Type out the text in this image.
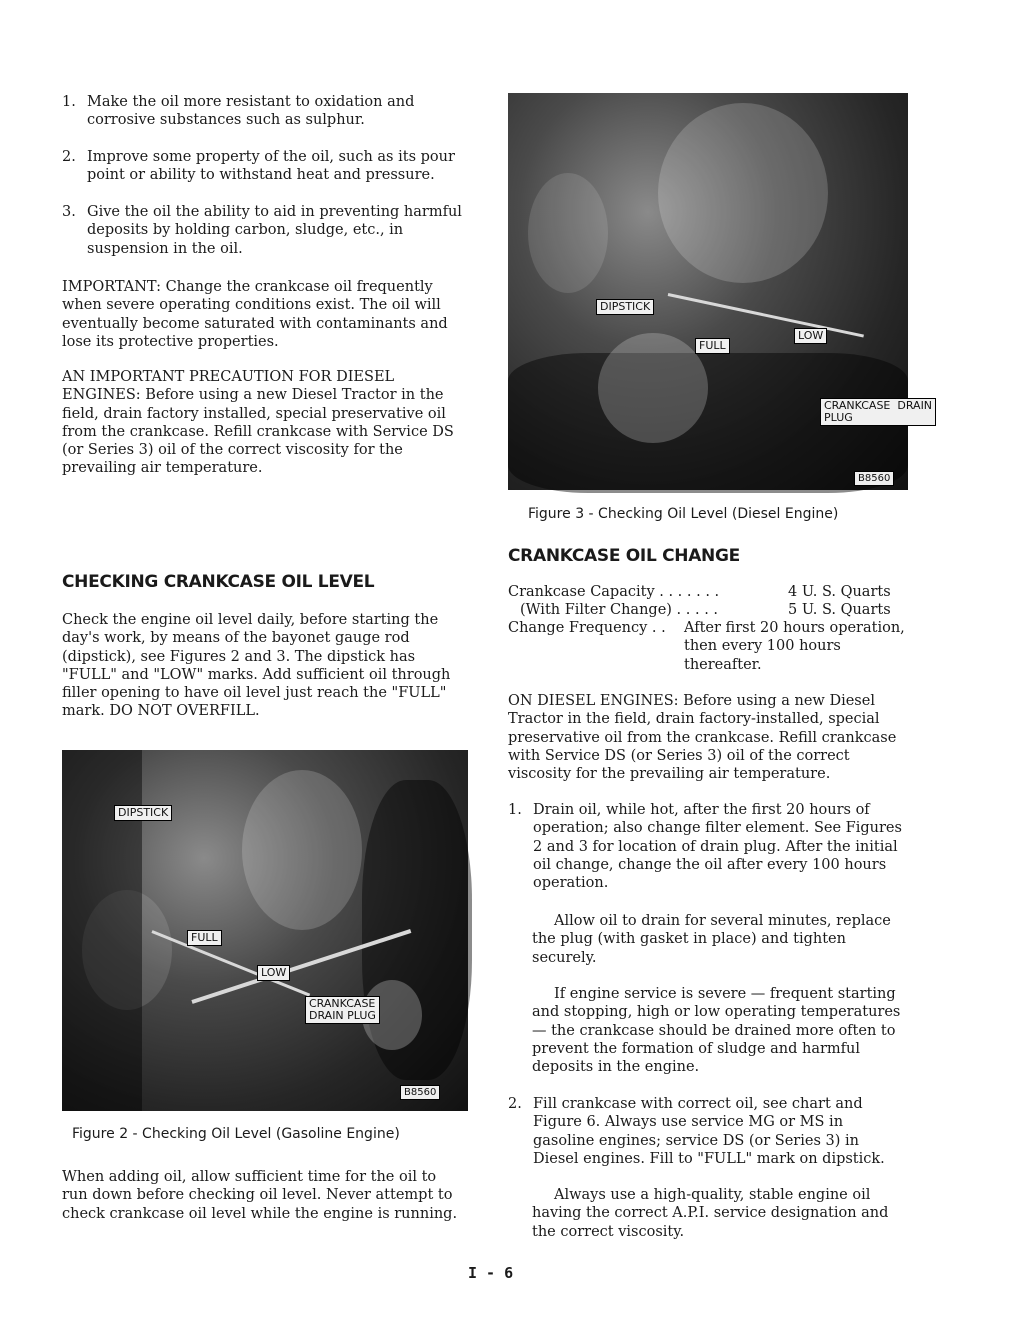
1. Make the oil more resistant to oxidation and corrosive substances such as sulphur.

2. Improve some property of the oil, such as its pour point or ability to withstand heat and pressure.

3. Give the oil the ability to aid in preventing harmful deposits by holding carbon, sludge, etc., in suspension in the oil.

IMPORTANT: Change the crankcase oil frequently when severe operating conditions exist. The oil will eventually become saturated with contaminants and lose its protective properties.

AN IMPORTANT PRECAUTION FOR DIESEL ENGINES: Before using a new Diesel Tractor in the field, drain factory installed, special preservative oil from the crankcase. Refill crankcase with Service DS (or Series 3) oil of the correct viscosity for the prevailing air temperature.

CHECKING CRANKCASE OIL LEVEL

Check the engine oil level daily, before starting the day's work, by means of the bayonet gauge rod (dipstick), see Figures 2 and 3. The dipstick has "FULL" and "LOW" marks. Add sufficient oil through filler opening to have oil level just reach the "FULL" mark. DO NOT OVERFILL.

DIPSTICK
FULL
LOW
CRANKCASE
DRAIN PLUG
B8560
Figure 2 - Checking Oil Level (Gasoline Engine)

When adding oil, allow sufficient time for the oil to run down before checking oil level. Never attempt to check crankcase oil level while the engine is running.

DIPSTICK
FULL
LOW
CRANKCASE  DRAIN
PLUG
B8560
Figure 3 - Checking Oil Level (Diesel Engine)
CRANKCASE OIL CHANGE
Crankcase Capacity . . . . . . .	4 U. S. Quarts
(With Filter Change) . . . . .	5 U. S. Quarts
Change Frequency . . After first 20 hours operation, then every 100 hours thereafter.

ON DIESEL ENGINES: Before using a new Diesel Tractor in the field, drain factory-installed, special preservative oil from the crankcase. Refill crankcase with Service DS (or Series 3) oil of the correct viscosity for the prevailing air temperature.

1. Drain oil, while hot, after the first 20 hours of operation; also change filter element. See Figures 2 and 3 for location of drain plug. After the initial oil change, change the oil after every 100 hours operation.

Allow oil to drain for several minutes, replace the plug (with gasket in place) and tighten securely.

If engine service is severe — frequent starting and stopping, high or low operating temperatures — the crankcase should be drained more often to prevent the formation of sludge and harmful deposits in the engine.

2. Fill crankcase with correct oil, see chart and Figure 6. Always use service MG or MS in gasoline engines; service DS (or Series 3) in Diesel engines. Fill to "FULL" mark on dipstick.

Always use a high-quality, stable engine oil having the correct A.P.I. service designation and the correct viscosity.

I - 6
